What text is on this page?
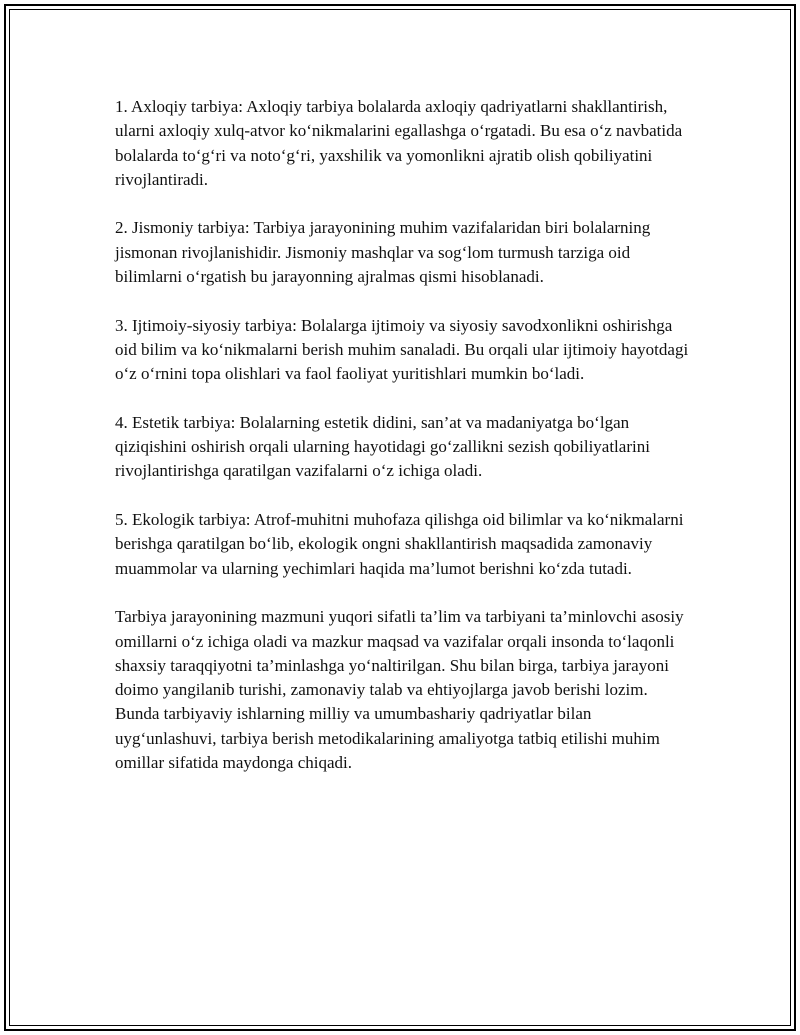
1. Axloqiy tarbiya: Axloqiy tarbiya bolalarda axloqiy qadriyatlarni shakllantirish, ularni axloqiy xulq-atvor ko‘nikmalarini egallashga o‘rgatadi. Bu esa o‘z navbatida bolalarda to‘g‘ri va noto‘g‘ri, yaxshilik va yomonlikni ajratib olish qobiliyatini rivojlantiradi.

2. Jismoniy tarbiya: Tarbiya jarayonining muhim vazifalaridan biri bolalarning jismonan rivojlanishidir. Jismoniy mashqlar va sog‘lom turmush tarziga oid bilimlarni o‘rgatish bu jarayonning ajralmas qismi hisoblanadi.

3. Ijtimoiy-siyosiy tarbiya: Bolalarga ijtimoiy va siyosiy savodxonlikni oshirishga oid bilim va ko‘nikmalarni berish muhim sanaladi. Bu orqali ular ijtimoiy hayotdagi o‘z o‘rnini topa olishlari va faol faoliyat yuritishlari mumkin bo‘ladi.

4. Estetik tarbiya: Bolalarning estetik didini, san’at va madaniyatga bo‘lgan qiziqishini oshirish orqali ularning hayotidagi go‘zallikni sezish qobiliyatlarini rivojlantirishga qaratilgan vazifalarni o‘z ichiga oladi.

5. Ekologik tarbiya: Atrof-muhitni muhofaza qilishga oid bilimlar va ko‘nikmalarni berishga qaratilgan bo‘lib, ekologik ongni shakllantirish maqsadida zamonaviy muammolar va ularning yechimlari haqida ma’lumot berishni ko‘zda tutadi.

Tarbiya jarayonining mazmuni yuqori sifatli ta’lim va tarbiyani ta’minlovchi asosiy omillarni o‘z ichiga oladi va mazkur maqsad va vazifalar orqali insonda to‘laqonli shaxsiy taraqqiyotni ta’minlashga yo‘naltirilgan. Shu bilan birga, tarbiya jarayoni doimo yangilanib turishi, zamonaviy talab va ehtiyojlarga javob berishi lozim. Bunda tarbiyaviy ishlarning milliy va umumbashariy qadriyatlar bilan uyg‘unlashuvi, tarbiya berish metodikalarining amaliyotga tatbiq etilishi muhim omillar sifatida maydonga chiqadi.
